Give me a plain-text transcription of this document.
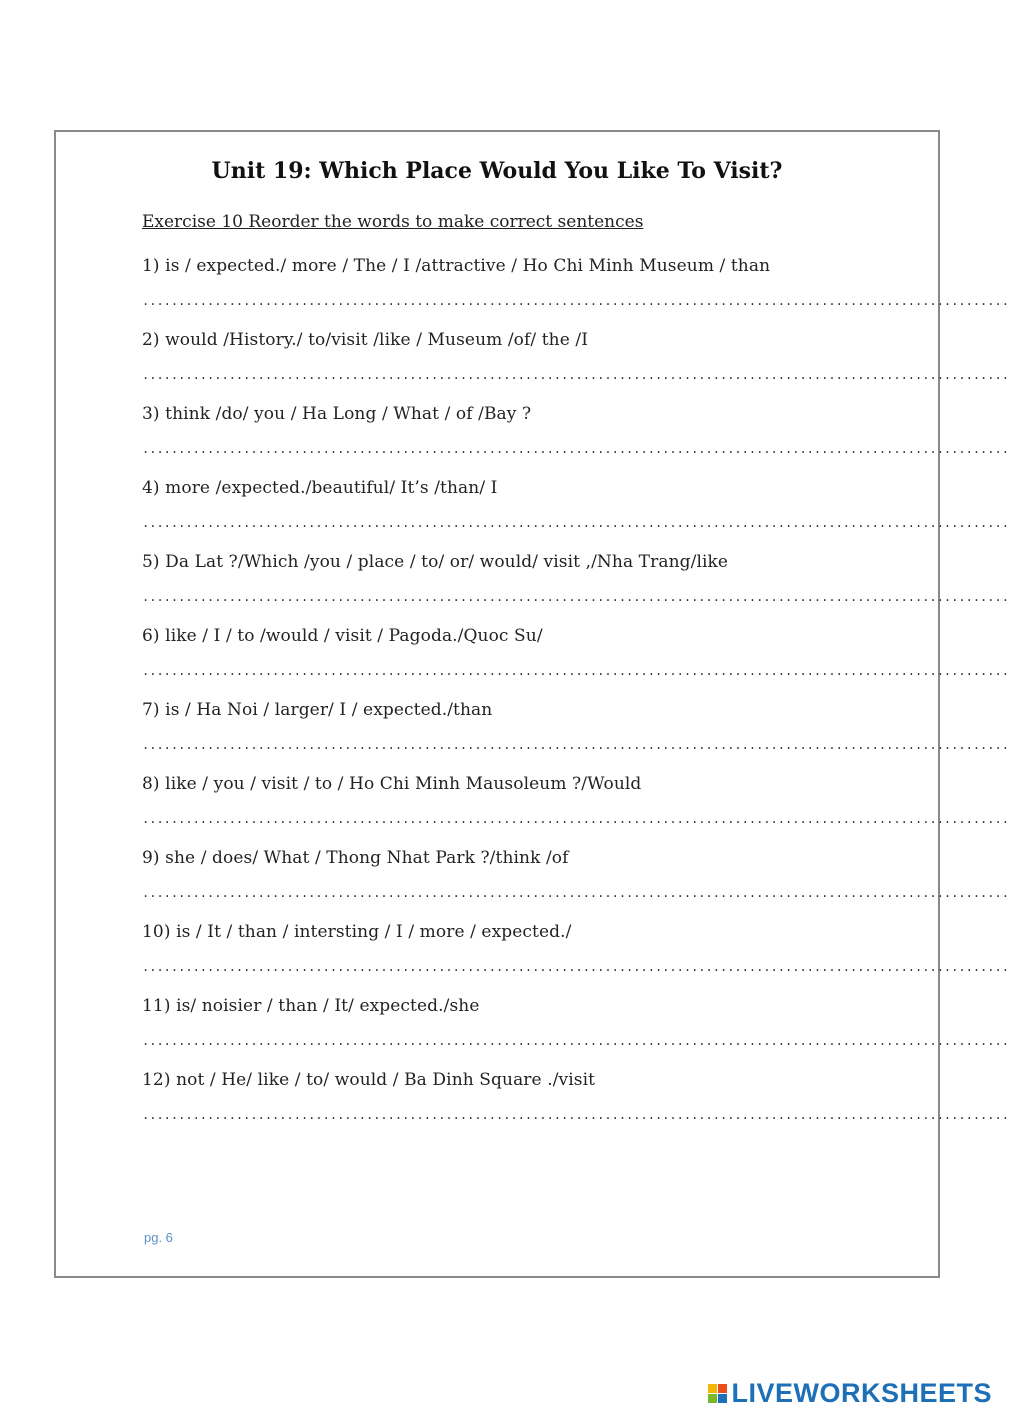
Unit 19: Which Place Would You Like To Visit?
Exercise 10 Reorder the words to make correct sentences
1) is / expected./ more / The / I /attractive / Ho Chi Minh Museum / than
........................................................................................................................
2) would /History./ to/visit /like / Museum /of/ the /I
........................................................................................................................
3) think /do/ you / Ha Long / What / of /Bay ?
........................................................................................................................
4) more /expected./beautiful/ It’s /than/ I
........................................................................................................................
5) Da Lat ?/Which /you / place / to/ or/ would/ visit ,/Nha Trang/like
........................................................................................................................
6) like / I / to /would / visit / Pagoda./Quoc Su/
........................................................................................................................
7) is / Ha Noi / larger/ I / expected./than
........................................................................................................................
8) like / you / visit / to / Ho Chi Minh Mausoleum ?/Would
........................................................................................................................
9) she / does/ What / Thong Nhat Park ?/think /of
........................................................................................................................
10) is / It / than / intersting / I / more / expected./
........................................................................................................................
11) is/ noisier / than / It/ expected./she
........................................................................................................................
12) not / He/ like / to/ would / Ba Dinh Square ./visit
........................................................................................................................
pg. 6
LIVEWORKSHEETS
